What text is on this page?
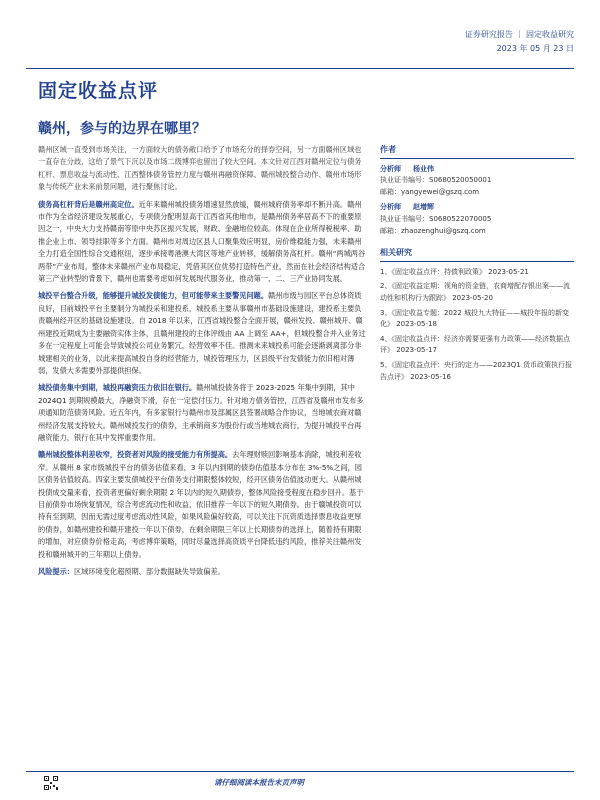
证券研究报告 ｜ 固定收益研究
2023 年 05 月 23 日
固定收益点评
赣州，参与的边界在哪里？

赣州区域一直受到市场关注，一方面较大的债务敞口给予了市场充分的择券空间，另一方面赣州区域也一直存在分歧，这给了景气下沉以及市场二级博弈也留出了较大空间。本文针对江西对赣州定位与债务杠杆、票息收益与流动性、江西整体债务管控力度与赣州再融资保障、赣州城投整合动作、赣州市场形象与传统产业未来前景问题，进行聚焦讨论。

债务高杠杆背后是赣州高定位。近年来赣州城投债务增速显然放缓，赣州城府债务率却不断升高。赣州市作为全省经济建设发展重心，专项债分配明显高于江西省其他地市，是赣州债务率居高不下的重要原因之一，中央大力支持赣南等原中央苏区振兴发展，财政、金融地位较高。体现在企业所得税税率、助推企业上市、领导挂职等多个方面。赣州市对周边区县人口聚集效应明显，房价维稳能力强，未来赣州全力打造全国性综合交通枢纽，逐步承接粤港澳大湾区等地产业转移，缓解债务高杠杆。赣州“两城两谷两带”产业布局，整体未来赣州产业布局稳定，凭借其区位优势打造特色产业，然而在社会经济结构适合第三产业转型的背景下，赣州也需要考虑如何发展现代服务业，推动第一、二、三产业协同发展。

城投平台整合升级，能够提升城投发债能力，但可能带来主要警见问题。赣州市级与园区平台总体资质良好，目前城投平台主要制分为城投采和建投系，城投系主要从事赣州市基础设施建设，建投系主要负责赣州经开区的基础设施建设。自 2018 年以来，江西省城投整合全面开展，赣州发投、赣州城开、赣州建投近期成为主要融资实体主体，且赣州建投的主体评级由 AA 上调至 AA+，但城投整合并入业务过多在一定程度上可能会导致城投公司业务繁冗，经营效率不佳。推测未来城投系可能会逐渐剥离部分非城建相关的业务，以此来提高城投自身的经营能力，城投管理压力，区县级平台发债能力依旧相对薄弱，发债大多需要外部提供担保。

城投债务集中到期，城投再融资压力依旧在银行。赣州城投债务将于 2023-2025 年集中到期，其中 2024Q1 到期规模最大，净融资下滑，存在一定偿付压力。针对地方债务管控，江西省及赣州市发布多项通知防范债务风险。近五年内，有多家银行与赣州市及部属区县签署战略合作协议，当地城农商对赣州经济发展支持较大。赣州城投发行的债券，主承销商多为股份行或当地城农商行，为提升城投平台再融资能力，银行在其中发挥重要作用。

赣州城投整体利差收窄，投资者对风险的接受能力有所提高。去年理财赎回影响基本消除，城投利差收窄。从赣州 8 家市级城投平台的债务估值来看，3 年以内到期的债券估值基本分布在 3%-5%之间，园区债务估值较高。四家主要发债城投平台债务支付期限整体较短，经开区债务估值波动更大。从赣州城投债成交量来看，投资者更偏好剩余期限 2 年以内的短久期债券，整体风险接受程度在稳步回升。基于目前债券市场恢复情况，综合考虑流动性和收益，依旧推荐一年以下的短久期债券。由于赣城投资可以持有至到期，因而无需过度考虑流动性风险，如果风险偏好较高，可以关注下沉资质选择票息收益更厚的债券，如赣州建投和赣开建投一年以下债券，在剩余期限三年以上长期债券的选择上，随着持有期限的增加，对应债券价格走高，考虑博弈策略，同时尽量选择高资质平台降低违约风险，推荐关注赣州发投和赣州城开的三年期以上债券。

风险提示：区域环境变化超预期、部分数据缺失导致偏差。

作者
分析师 杨业伟
执业证书编号：S0680520050001
邮箱：yangyewei@gszq.com
分析师 赵增辉
执业证书编号：S0680522070005
邮箱：zhaozenghui@gszq.com
相关研究
1、《固定收益点评：持债利政策》 2023-05-21
2、《固定收益定期：视角的资金链，农商增配存银出案——流动性和机构行为跟踪》 2023-05-20
3、《固定收益专题：2022 城投九大特征——城投年报的新变化》 2023-05-18
4、《固定收益点评：经济亦需要更强有力政策——经济数据点评》 2023-05-17
5、《固定收益点评：央行的定力——2023Q1 货币政策执行报告点评》 2023-05-16
请仔细阅读本报告末页声明
